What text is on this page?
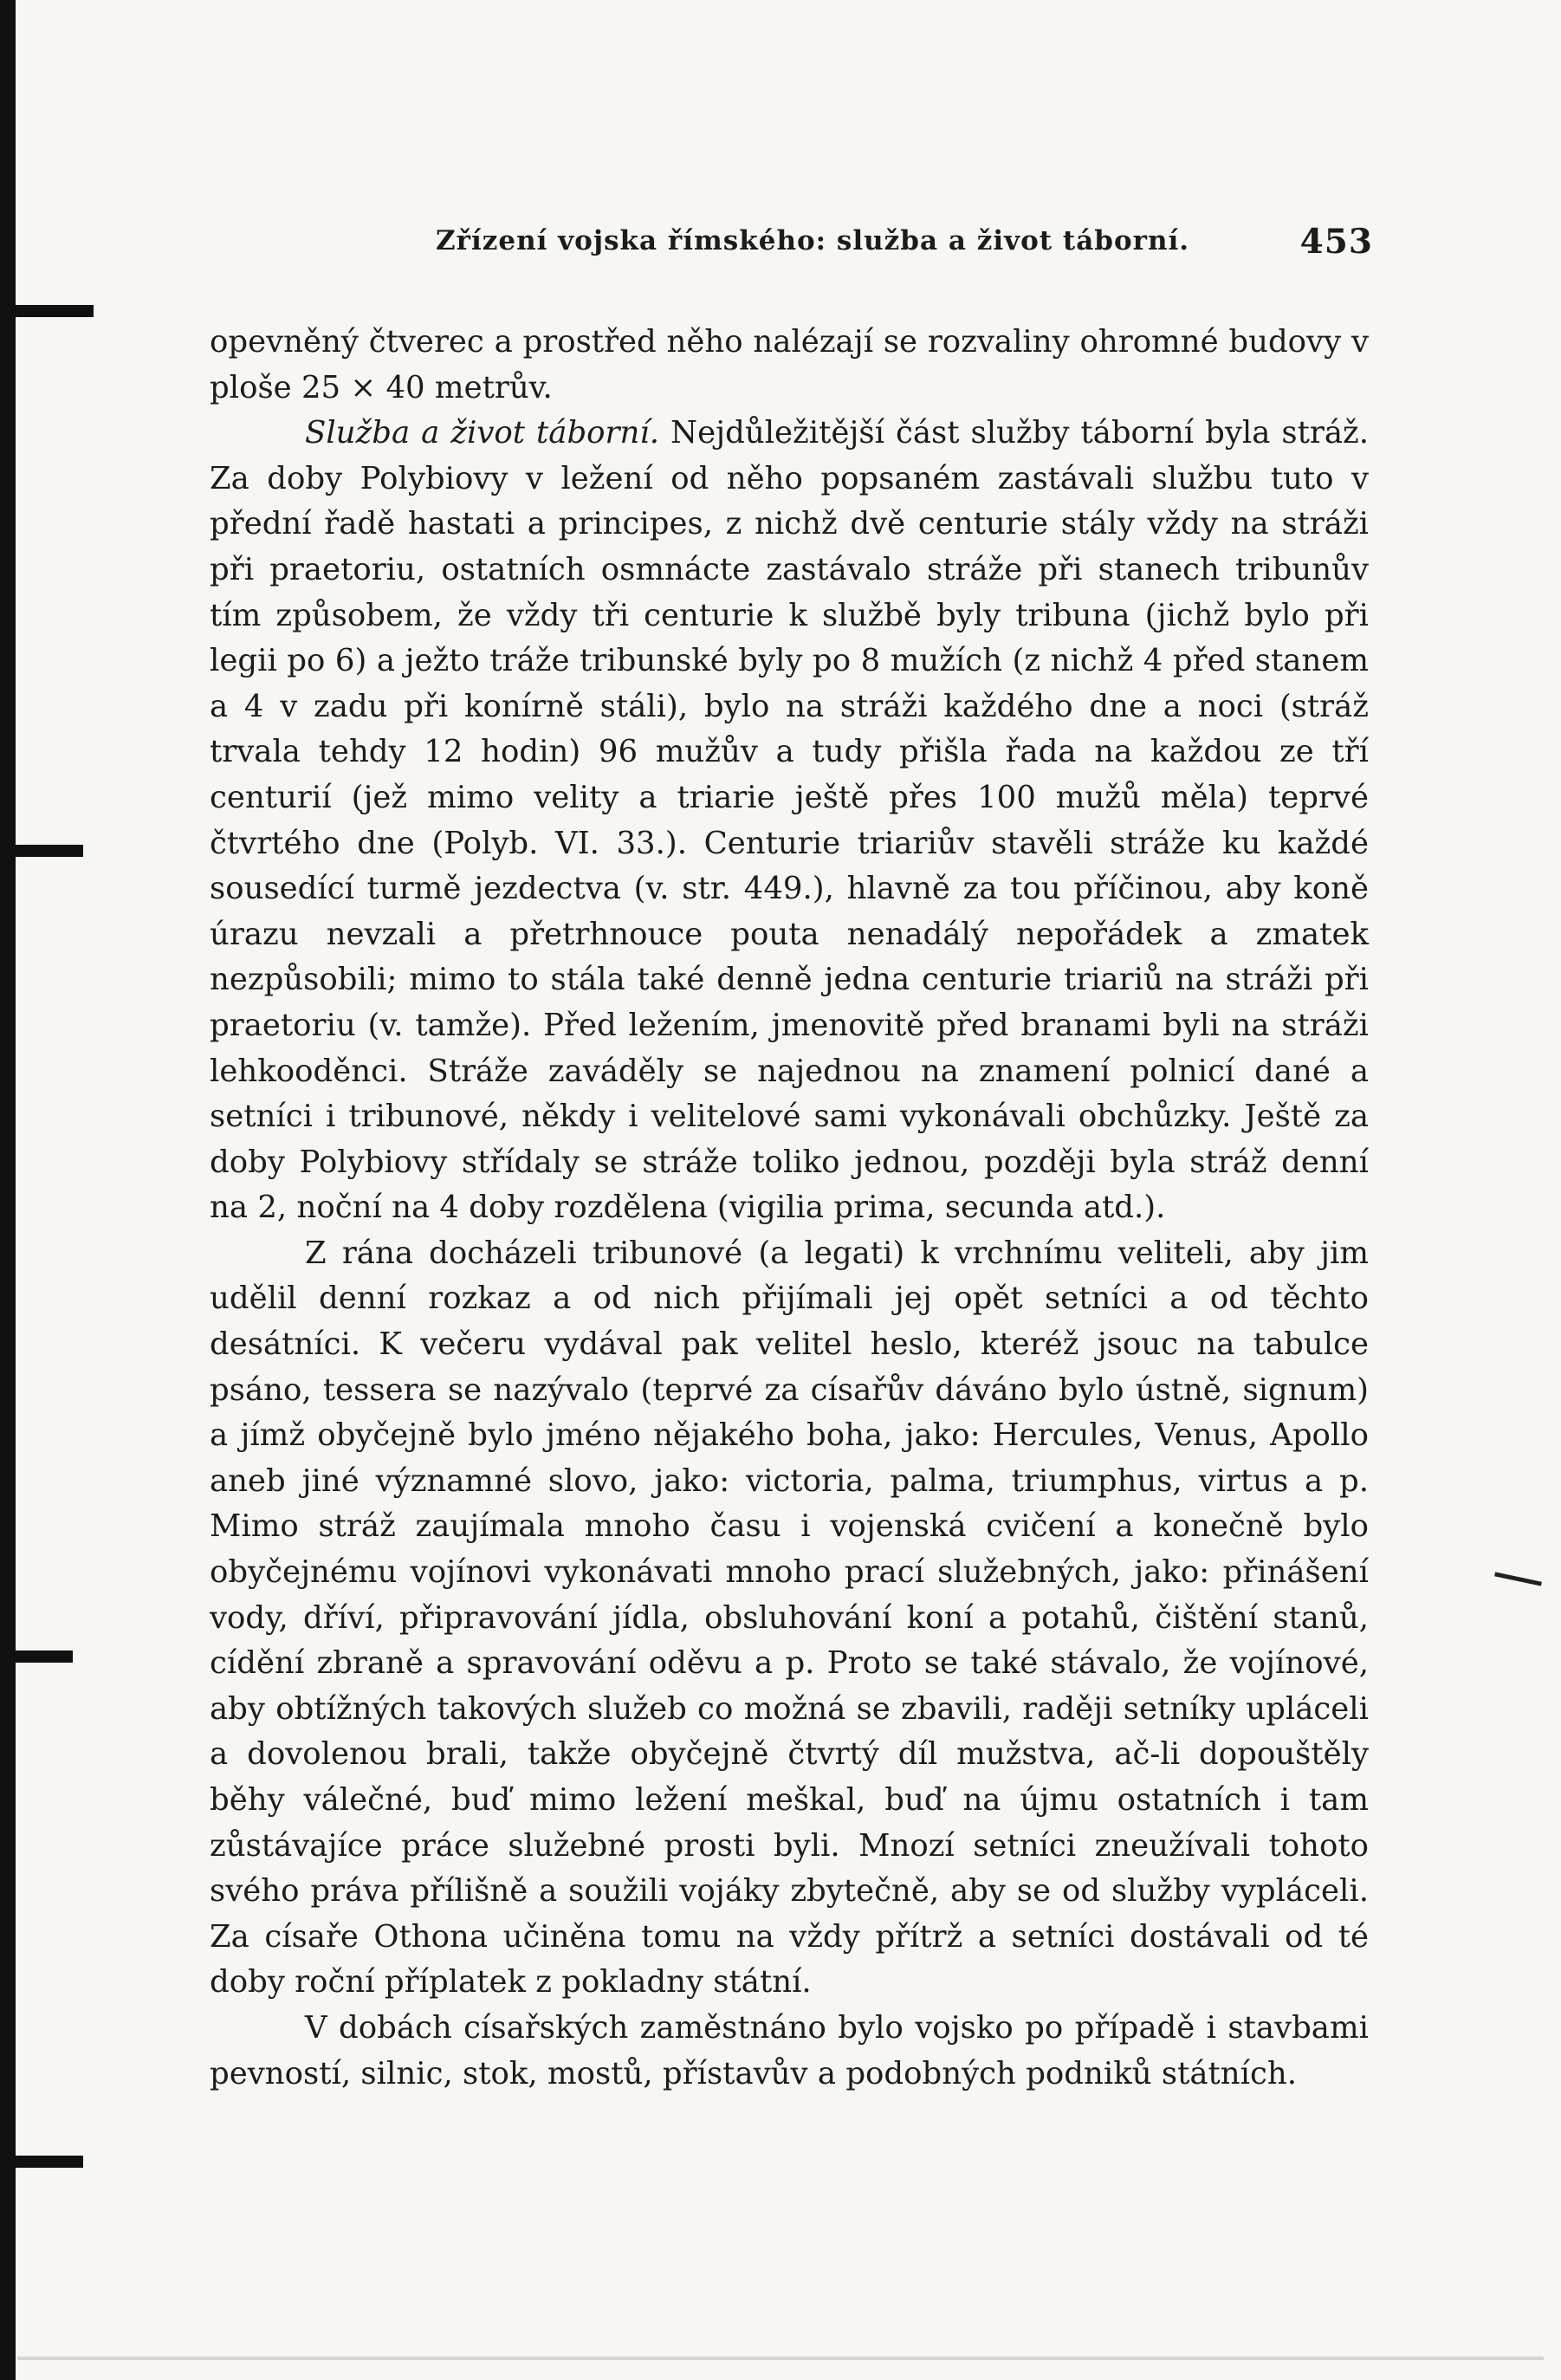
Zřízení vojska římského: služba a život táborní.	453

opevněný čtverec a prostřed něho nalézají se rozvaliny ohromné budovy v ploše 25 × 40 metrův.

Služba a život táborní. Nejdůležitější část služby táborní byla stráž. Za doby Polybiovy v ležení od něho popsaném zastávali službu tuto v přední řadě hastati a principes, z nichž dvě centurie stály vždy na stráži při praetoriu, ostatních osmnácte zastávalo stráže při stanech tribunův tím způsobem, že vždy tři centurie k službě byly tribuna (jichž bylo při legii po 6) a ježto tráže tribunské byly po 8 mužích (z nichž 4 před stanem a 4 v zadu při konírně stáli), bylo na stráži každého dne a noci (stráž trvala tehdy 12 hodin) 96 mužův a tudy přišla řada na každou ze tří centurií (jež mimo velity a triarie ještě přes 100 mužů měla) teprvé čtvrtého dne (Polyb. VI. 33.). Centurie triariův stavěli stráže ku každé sousedící turmě jezdectva (v. str. 449.), hlavně za tou příčinou, aby koně úrazu nevzali a přetrhnouce pouta nenadálý nepořádek a zmatek nezpůsobili; mimo to stála také denně jedna centurie triariů na stráži při praetoriu (v. tamže). Před ležením, jmenovitě před branami byli na stráži lehkooděnci. Stráže zaváděly se najednou na znamení polnicí dané a setníci i tribunové, někdy i velitelové sami vykonávali obchůzky. Ještě za doby Polybiovy střídaly se stráže toliko jednou, později byla stráž denní na 2, noční na 4 doby rozdělena (vigilia prima, secunda atd.).

Z rána docházeli tribunové (a legati) k vrchnímu veliteli, aby jim udělil denní rozkaz a od nich přijímali jej opět setníci a od těchto desátníci. K večeru vydával pak velitel heslo, kteréž jsouc na tabulce psáno, tessera se nazývalo (teprvé za císařův dáváno bylo ústně, signum) a jímž obyčejně bylo jméno nějakého boha, jako: Hercules, Venus, Apollo aneb jiné významné slovo, jako: victoria, palma, triumphus, virtus a p. Mimo stráž zaujímala mnoho času i vojenská cvičení a konečně bylo obyčejnému vojínovi vykonávati mnoho prací služebných, jako: přinášení vody, dříví, připravování jídla, obsluhování koní a potahů, čištění stanů, cídění zbraně a spravování oděvu a p. Proto se také stávalo, že vojínové, aby obtížných takových služeb co možná se zbavili, raději setníky upláceli a dovolenou brali, takže obyčejně čtvrtý díl mužstva, ač-li dopouštěly běhy válečné, buď mimo ležení meškal, buď na újmu ostatních i tam zůstávajíce práce služebné prosti byli. Mnozí setníci zneužívali tohoto svého práva přílišně a soužili vojáky zbytečně, aby se od služby vypláceli. Za císaře Othona učiněna tomu na vždy přítrž a setníci dostávali od té doby roční příplatek z pokladny státní.

V dobách císařských zaměstnáno bylo vojsko po případě i stavbami pevností, silnic, stok, mostů, přístavův a podobných podniků státních.
